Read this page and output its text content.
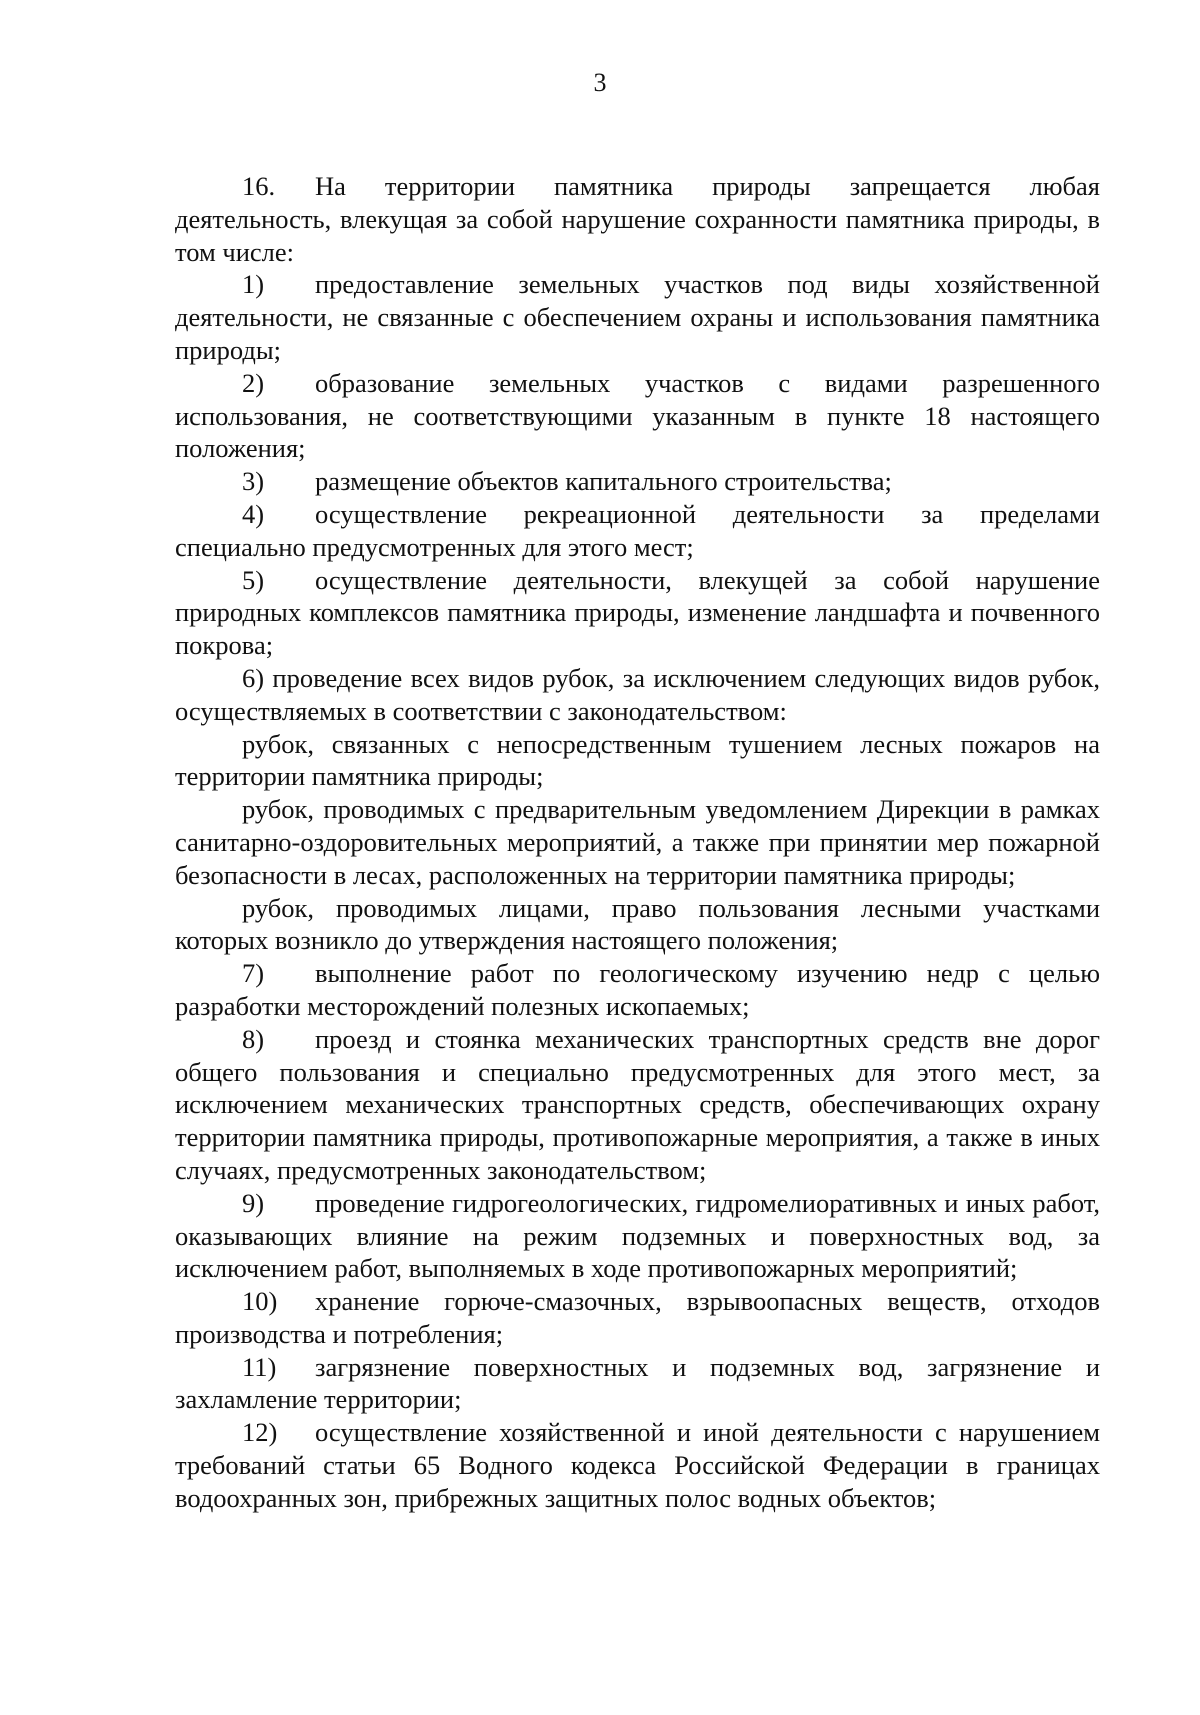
3

16. На территории памятника природы запрещается любая деятельность, влекущая за собой нарушение сохранности памятника природы, в том числе:

1) предоставление земельных участков под виды хозяйственной деятельности, не связанные с обеспечением охраны и использования памятника природы;

2) образование земельных участков с видами разрешенного использования, не соответствующими указанным в пункте 18 настоящего положения;

3) размещение объектов капитального строительства;

4) осуществление рекреационной деятельности за пределами специально предусмотренных для этого мест;

5) осуществление деятельности, влекущей за собой нарушение природных комплексов памятника природы, изменение ландшафта и почвенного покрова;

6) проведение всех видов рубок, за исключением следующих видов рубок, осуществляемых в соответствии с законодательством:

рубок, связанных с непосредственным тушением лесных пожаров на территории памятника природы;

рубок, проводимых с предварительным уведомлением Дирекции в рамках санитарно-оздоровительных мероприятий, а также при принятии мер пожарной безопасности в лесах, расположенных на территории памятника природы;

рубок, проводимых лицами, право пользования лесными участками которых возникло до утверждения настоящего положения;

7) выполнение работ по геологическому изучению недр с целью разработки месторождений полезных ископаемых;

8) проезд и стоянка механических транспортных средств вне дорог общего пользования и специально предусмотренных для этого мест, за исключением механических транспортных средств, обеспечивающих охрану территории памятника природы, противопожарные мероприятия, а также в иных случаях, предусмотренных законодательством;

9) проведение гидрогеологических, гидромелиоративных и иных работ, оказывающих влияние на режим подземных и поверхностных вод, за исключением работ, выполняемых в ходе противопожарных мероприятий;

10) хранение горюче-смазочных, взрывоопасных веществ, отходов производства и потребления;

11) загрязнение поверхностных и подземных вод, загрязнение и захламление территории;

12) осуществление хозяйственной и иной деятельности с нарушением требований статьи 65 Водного кодекса Российской Федерации в границах водоохранных зон, прибрежных защитных полос водных объектов;
